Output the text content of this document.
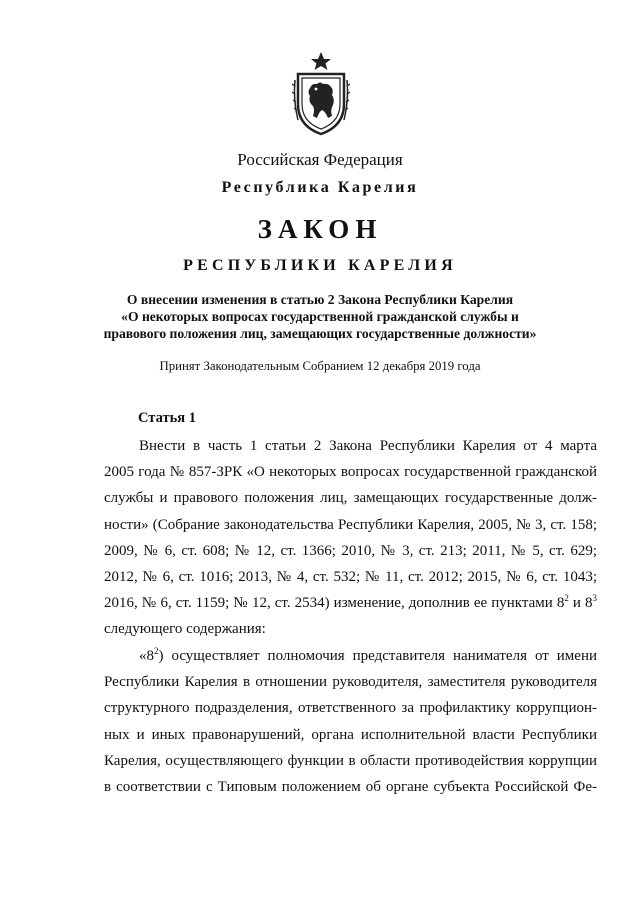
Российская Федерация
Республика Карелия
ЗАКОН
РЕСПУБЛИКИ КАРЕЛИЯ
О внесении изменения в статью 2 Закона Республики Карелия
«О некоторых вопросах государственной гражданской службы и
правового положения лиц, замещающих государственные должности»
Принят Законодательным Собранием 12 декабря 2019 года
Статья 1
Внести в часть 1 статьи 2 Закона Республики Карелия от 4 марта
2005 года № 857-ЗРК «О некоторых вопросах государственной гражданской
службы и правового положения лиц, замещающих государственные долж-
ности» (Собрание законодательства Республики Карелия, 2005, № 3, ст. 158;
2009, № 6, ст. 608; № 12, ст. 1366; 2010, № 3, ст. 213; 2011, № 5, ст. 629;
2012, № 6, ст. 1016; 2013, № 4, ст. 532; № 11, ст. 2012; 2015, № 6, ст. 1043;
2016, № 6, ст. 1159; № 12, ст. 2534) изменение, дополнив ее пунктами $8^2$ и $8^3$
следующего содержания:
«$8^2$) осуществляет полномочия представителя нанимателя от имени
Республики Карелия в отношении руководителя, заместителя руководителя
структурного подразделения, ответственного за профилактику коррупцион-
ных и иных правонарушений, органа исполнительной власти Республики
Карелия, осуществляющего функции в области противодействия коррупции
в соответствии с Типовым положением об органе субъекта Российской Фе-
